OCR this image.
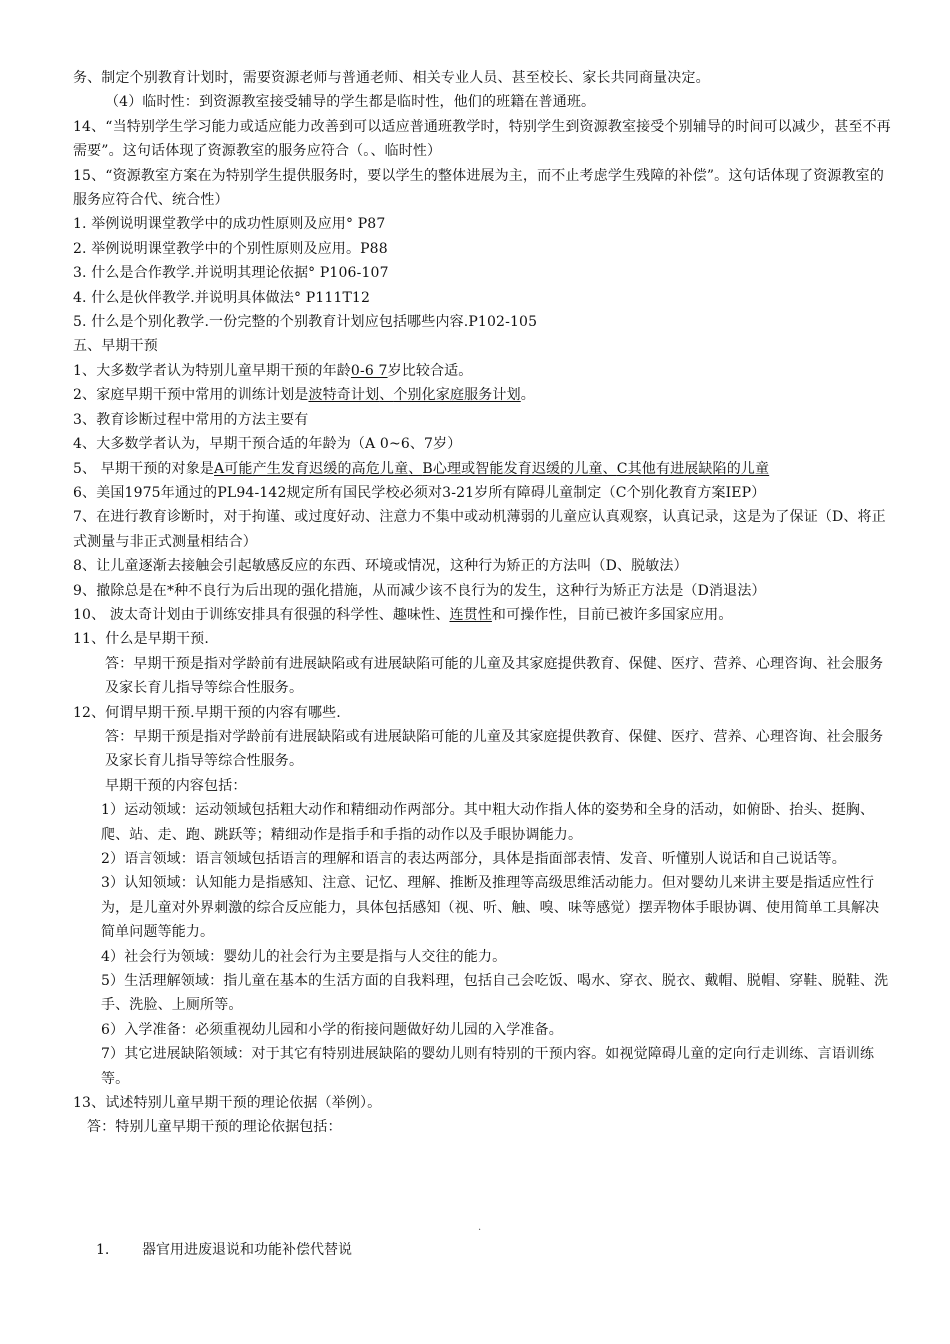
务、制定个别教育计划时，需要资源老师与普通老师、相关专业人员、甚至校长、家长共同商量决定。
（4）临时性：到资源教室接受辅导的学生都是临时性，他们的班籍在普通班。
14、“当特别学生学习能力或适应能力改善到可以适应普通班教学时，特别学生到资源教室接受个别辅导的时间可以减少，甚至不再需要”。这句话体现了资源教室的服务应符合（。、临时性）
15、“资源教室方案在为特别学生提供服务时，要以学生的整体进展为主，而不止考虑学生残障的补偿”。这句话体现了资源教室的服务应符合代、统合性）
1. 举例说明课堂教学中的成功性原则及应用° P87
2. 举例说明课堂教学中的个别性原则及应用。P88
3. 什么是合作教学.并说明其理论依据° P106-107
4. 什么是伙伴教学.并说明具体做法° P111T12
5. 什么是个别化教学.一份完整的个别教育计划应包括哪些内容.P102-105
五、早期干预
1、大多数学者认为特别儿童早期干预的年龄0-6 7岁比较合适。
2、家庭早期干预中常用的训练计划是波特奇计划、个别化家庭服务计划。
3、教育诊断过程中常用的方法主要有
4、大多数学者认为，早期干预合适的年龄为（A 0~6、7岁）
5、 早期干预的对象是A可能产生发育迟缓的高危儿童、B心理或智能发育迟缓的儿童、C其他有进展缺陷的儿童
6、美国1975年通过的PL94-142规定所有国民学校必须对3-21岁所有障碍儿童制定（C个别化教育方案IEP）
7、在进行教育诊断时，对于拘谨、或过度好动、注意力不集中或动机薄弱的儿童应认真观察，认真记录，这是为了保证（D、将正式测量与非正式测量相结合）
8、让儿童逐渐去接触会引起敏感反应的东西、环境或情况，这种行为矫正的方法叫（D、脱敏法）
9、撤除总是在*种不良行为后出现的强化措施，从而减少该不良行为的发生，这种行为矫正方法是（D消退法）
10、 波太奇计划由于训练安排具有很强的科学性、趣味性、连贯性和可操作性，目前已被许多国家应用。
11、什么是早期干预.
答：早期干预是指对学龄前有进展缺陷或有进展缺陷可能的儿童及其家庭提供教育、保健、医疗、营养、心理咨询、社会服务及家长育儿指导等综合性服务。
12、何谓早期干预.早期干预的内容有哪些.
答：早期干预是指对学龄前有进展缺陷或有进展缺陷可能的儿童及其家庭提供教育、保健、医疗、营养、心理咨询、社会服务及家长育儿指导等综合性服务。
早期干预的内容包括：
1）运动领域：运动领域包括粗大动作和精细动作两部分。其中粗大动作指人体的姿势和全身的活动，如俯卧、抬头、挺胸、爬、站、走、跑、跳跃等；精细动作是指手和手指的动作以及手眼协调能力。
2）语言领域：语言领域包括语言的理解和语言的表达两部分，具体是指面部表情、发音、听懂别人说话和自己说话等。
3）认知领域：认知能力是指感知、注意、记忆、理解、推断及推理等高级思维活动能力。但对婴幼儿来讲主要是指适应性行为，是儿童对外界刺激的综合反应能力，具体包括感知（视、听、触、嗅、味等感觉）摆弄物体手眼协调、使用简单工具解决简单问题等能力。
4）社会行为领域：婴幼儿的社会行为主要是指与人交往的能力。
5）生活理解领域：指儿童在基本的生活方面的自我料理，包括自己会吃饭、喝水、穿衣、脱衣、戴帽、脱帽、穿鞋、脱鞋、洗手、洗脸、上厕所等。
6）入学准备：必须重视幼儿园和小学的衔接问题做好幼儿园的入学准备。
7）其它进展缺陷领域：对于其它有特别进展缺陷的婴幼儿则有特别的干预内容。如视觉障碍儿童的定向行走训练、言语训练等。
13、试述特别儿童早期干预的理论依据（举例）。
答：特别儿童早期干预的理论依据包括：
.
1. 器官用进废退说和功能补偿代替说
